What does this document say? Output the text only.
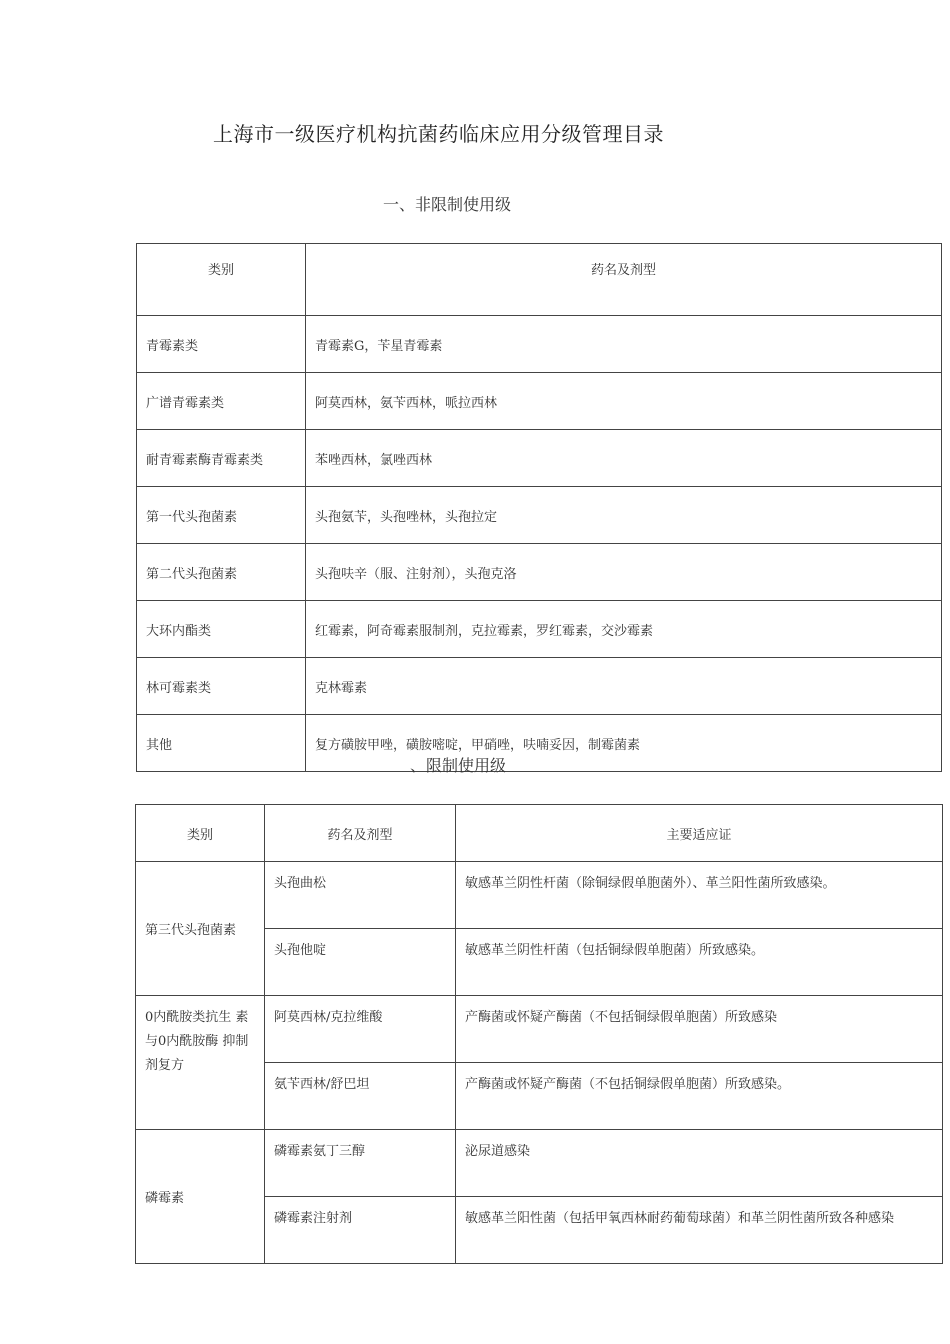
上海市一级医疗机构抗菌药临床应用分级管理目录
一、非限制使用级
类别	药名及剂型
青霉素类	青霉素G，苄星青霉素
广谱青霉素类	阿莫西林，氨苄西林，哌拉西林
耐青霉素酶青霉素类	苯唑西林，氯唑西林
第一代头孢菌素	头孢氨苄，头孢唑林，头孢拉定
第二代头孢菌素	头孢呋辛（服、注射剂），头孢克洛
大环内酯类	红霉素，阿奇霉素服制剂，克拉霉素，罗红霉素，交沙霉素
林可霉素类	克林霉素
其他	复方磺胺甲唑，磺胺嘧啶，甲硝唑，呋喃妥因，制霉菌素
、限制使用级
类别	药名及剂型	主要适应证
第三代头孢菌素	头孢曲松	敏感革兰阴性杆菌（除铜绿假单胞菌外）、革兰阳性菌所致感染。
	头孢他啶	敏感革兰阴性杆菌（包括铜绿假单胞菌）所致感染。
0内酰胺类抗生 素与0内酰胺酶 抑制剂复方	阿莫西林/克拉维酸	产酶菌或怀疑产酶菌（不包括铜绿假单胞菌）所致感染
	氨苄西林/舒巴坦	产酶菌或怀疑产酶菌（不包括铜绿假单胞菌）所致感染。
磷霉素	磷霉素氨丁三醇	泌尿道感染
	磷霉素注射剂	敏感革兰阳性菌（包括甲氧西林耐药葡萄球菌）和革兰阴性菌所致各种感染
